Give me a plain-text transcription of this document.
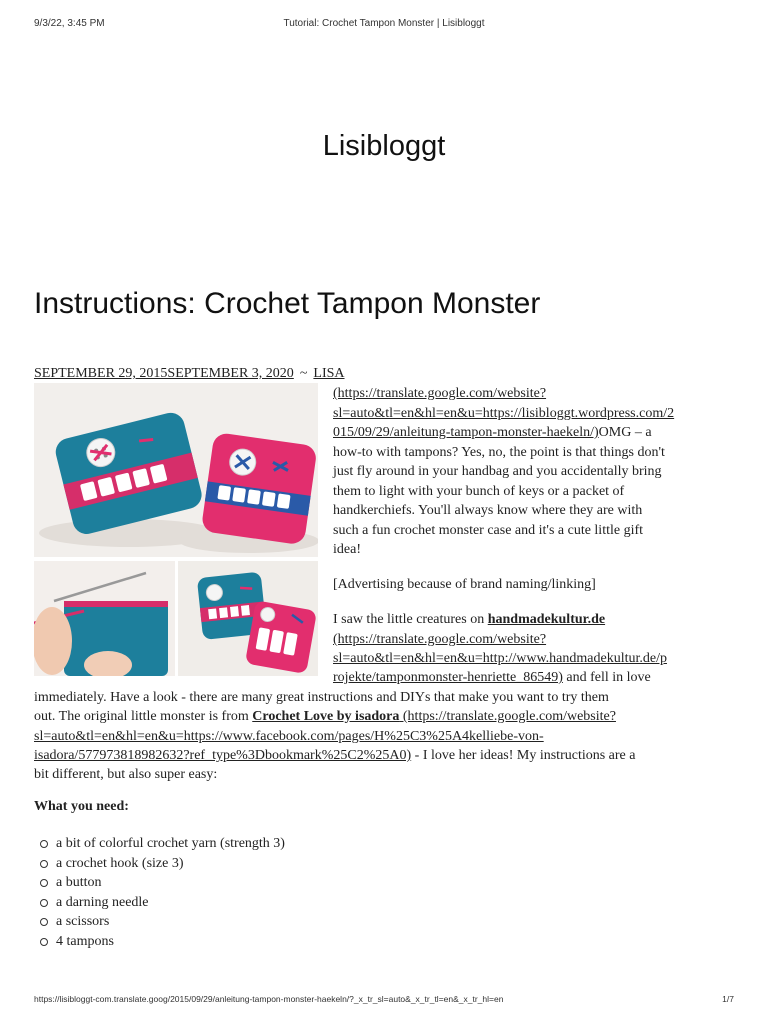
9/3/22, 3:45 PM	Tutorial: Crochet Tampon Monster | Lisibloggt
Lisibloggt
Instructions: Crochet Tampon Monster
SEPTEMBER 29, 2015SEPTEMBER 3, 2020 ~ LISA
(https://translate.google.com/website?
sl=auto&tl=en&hl=en&u=https://lisibloggt.wordpress.com/2
015/09/29/anleitung-tampon-monster-haekeln/)OMG – a
how-to with tampons? Yes, no, the point is that things don't
just fly around in your handbag and you accidentally bring
them to light with your bunch of keys or a packet of
handkerchiefs. You'll always know where they are with
such a fun crochet monster case and it's a cute little gift
idea!
[Advertising because of brand naming/linking]
I saw the little creatures on handmadekultur.de
(https://translate.google.com/website?
sl=auto&tl=en&hl=en&u=http://www.handmadekultur.de/p
rojekte/tamponmonster-henriette_86549) and fell in love
immediately. Have a look - there are many great instructions and DIYs that make you want to try them
out. The original little monster is from Crochet Love by isadora (https://translate.google.com/website?
sl=auto&tl=en&hl=en&u=https://www.facebook.com/pages/H%25C3%25A4kelliebe-von-
isadora/577973818982632?ref_type%3Dbookmark%25C2%25A0) - I love her ideas! My instructions are a
bit different, but also super easy:
What you need:
a bit of colorful crochet yarn (strength 3)
a crochet hook (size 3)
a button
a darning needle
a scissors
4 tampons
https://lisibloggt-com.translate.goog/2015/09/29/anleitung-tampon-monster-haekeln/?_x_tr_sl=auto&_x_tr_tl=en&_x_tr_hl=en	1/7
